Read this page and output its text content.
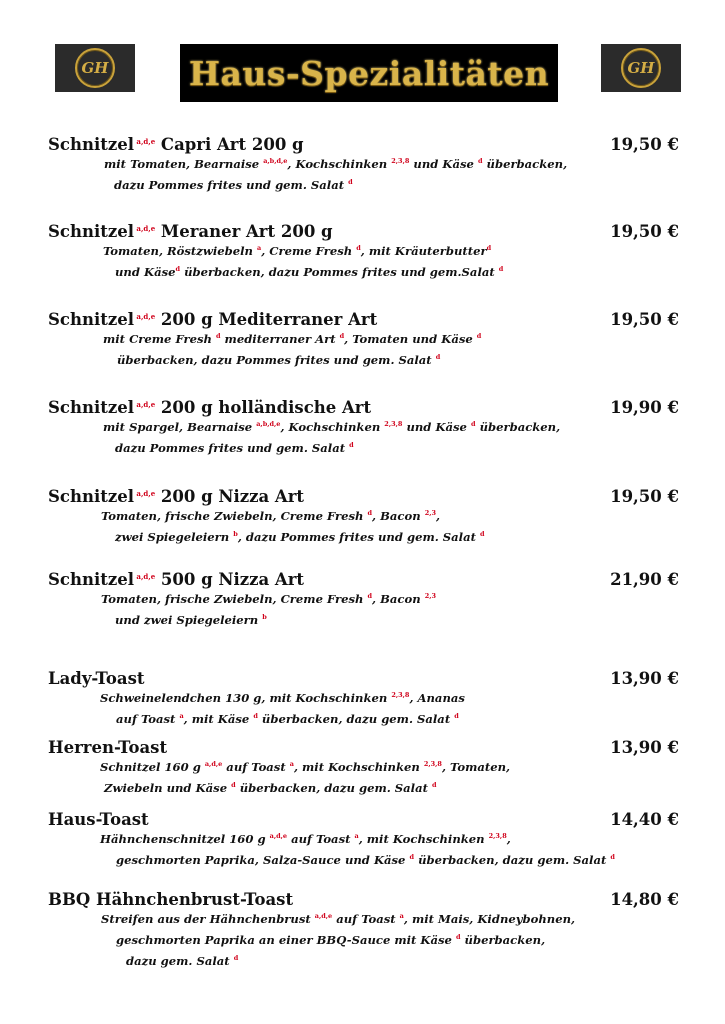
GH Haus-Spezialitäten	GH
Schnitzel $^{a,d,e}$ Capri Art 200 g	19,50 €
mit Tomaten, Bearnaise $^{a,b,d,e}$, Kochschinken $^{2,3,8}$ und Käse $^d$ überbacken,
dazu Pommes frites und gem. Salat $^d$
Schnitzel $^{a,d,e}$ Meraner Art 200 g	19,50 €
Tomaten, Röstzwiebeln $^a$, Creme Fresh $^d$, mit Kräuterbutter$^d$
und Käse$^d$ überbacken, dazu Pommes frites und gem.Salat $^d$
Schnitzel $^{a,d,e}$ 200 g Mediterraner Art	19,50 €
mit Creme Fresh $^d$ mediterraner Art $^d$, Tomaten und Käse $^d$
überbacken, dazu Pommes frites und gem. Salat $^d$
Schnitzel $^{a,d,e}$ 200 g holländische Art	19,90 €
mit Spargel, Bearnaise $^{a,b,d,e}$, Kochschinken $^{2,3,8}$ und Käse $^d$ überbacken,
dazu Pommes frites und gem. Salat $^d$
Schnitzel $^{a,d,e}$ 200 g Nizza Art	19,50 €
Tomaten, frische Zwiebeln, Creme Fresh $^d$, Bacon $^{2,3}$,
zwei Spiegeleiern $^b$, dazu Pommes frites und gem. Salat $^d$
Schnitzel $^{a,d,e}$ 500 g Nizza Art	21,90 €
Tomaten, frische Zwiebeln, Creme Fresh $^d$, Bacon $^{2,3}$
und zwei Spiegeleiern $^b$
Lady-Toast	13,90 €
Schweinelendchen 130 g, mit Kochschinken $^{2,3,8}$, Ananas
auf Toast $^a$, mit Käse $^d$ überbacken, dazu gem. Salat $^d$
Herren-Toast	13,90 €
Schnitzel 160 g $^{a,d,e}$ auf Toast $^a$, mit Kochschinken $^{2,3,8}$, Tomaten,
Zwiebeln und Käse $^d$ überbacken, dazu gem. Salat $^d$
Haus-Toast	14,40 €
Hähnchenschnitzel 160 g $^{a,d,e}$ auf Toast $^a$, mit Kochschinken $^{2,3,8}$,
geschmorten Paprika, Salza-Sauce und Käse $^d$ überbacken, dazu gem. Salat $^d$
BBQ Hähnchenbrust-Toast	14,80 €
Streifen aus der Hähnchenbrust $^{a,d,e}$ auf Toast $^a$, mit Mais, Kidneybohnen,
geschmorten Paprika an einer BBQ-Sauce mit Käse $^d$ überbacken,
dazu gem. Salat $^d$
